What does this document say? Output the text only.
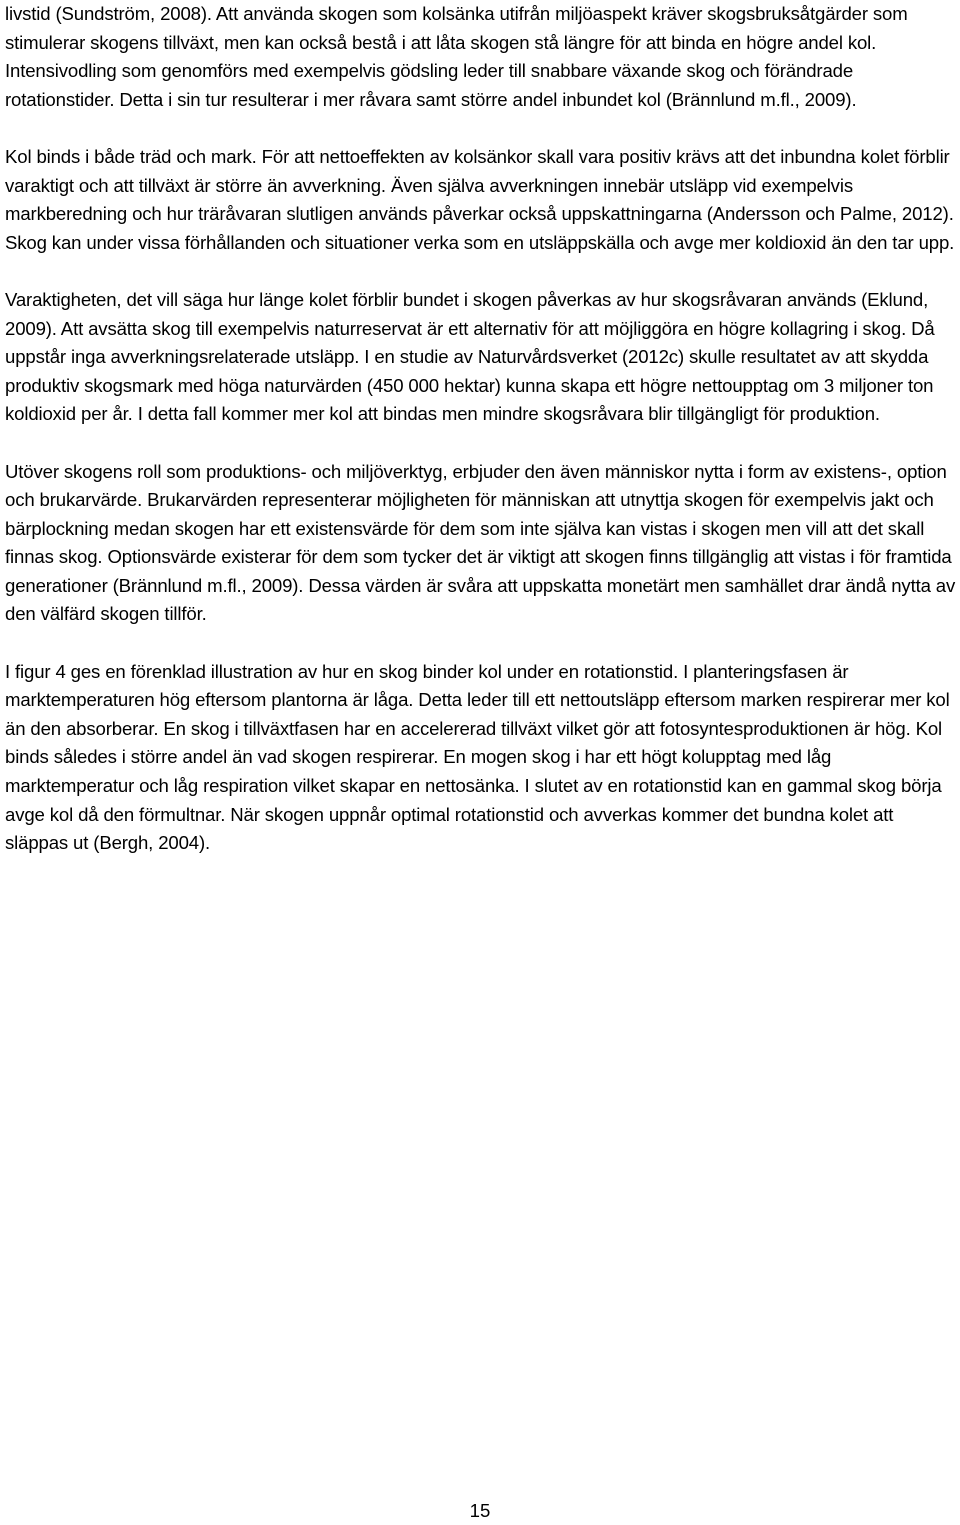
livstid (Sundström, 2008). Att använda skogen som kolsänka utifrån miljöaspekt kräver skogsbruksåtgärder som stimulerar skogens tillväxt, men kan också bestå i att låta skogen stå längre för att binda en högre andel kol. Intensivodling som genomförs med exempelvis gödsling leder till snabbare växande skog och förändrade rotationstider. Detta i sin tur resulterar i mer råvara samt större andel inbundet kol (Brännlund m.fl., 2009).

Kol binds i både träd och mark. För att nettoeffekten av kolsänkor skall vara positiv krävs att det inbundna kolet förblir varaktigt och att tillväxt är större än avverkning. Även själva avverkningen innebär utsläpp vid exempelvis markberedning och hur träråvaran slutligen används påverkar också uppskattningarna (Andersson och Palme, 2012). Skog kan under vissa förhållanden och situationer verka som en utsläppskälla och avge mer koldioxid än den tar upp.

Varaktigheten, det vill säga hur länge kolet förblir bundet i skogen påverkas av hur skogsråvaran används (Eklund, 2009). Att avsätta skog till exempelvis naturreservat är ett alternativ för att möjliggöra en högre kollagring i skog. Då uppstår inga avverkningsrelaterade utsläpp. I en studie av Naturvårdsverket (2012c) skulle resultatet av att skydda produktiv skogsmark med höga naturvärden (450 000 hektar) kunna skapa ett högre nettoupptag om 3 miljoner ton koldioxid per år. I detta fall kommer mer kol att bindas men mindre skogsråvara blir tillgängligt för produktion.

Utöver skogens roll som produktions- och miljöverktyg, erbjuder den även människor nytta i form av existens-, option och brukarvärde. Brukarvärden representerar möjligheten för människan att utnyttja skogen för exempelvis jakt och bärplockning medan skogen har ett existensvärde för dem som inte själva kan vistas i skogen men vill att det skall finnas skog. Optionsvärde existerar för dem som tycker det är viktigt att skogen finns tillgänglig att vistas i för framtida generationer (Brännlund m.fl., 2009). Dessa värden är svåra att uppskatta monetärt men samhället drar ändå nytta av den välfärd skogen tillför.

I figur 4 ges en förenklad illustration av hur en skog binder kol under en rotationstid. I planteringsfasen är marktemperaturen hög eftersom plantorna är låga. Detta leder till ett nettoutsläpp eftersom marken respirerar mer kol än den absorberar. En skog i tillväxtfasen har en accelererad tillväxt vilket gör att fotosyntesproduktionen är hög. Kol binds således i större andel än vad skogen respirerar. En mogen skog i har ett högt kolupptag med låg marktemperatur och låg respiration vilket skapar en nettosänka. I slutet av en rotationstid kan en gammal skog börja avge kol då den förmultnar. När skogen uppnår optimal rotationstid och avverkas kommer det bundna kolet att släppas ut (Bergh, 2004).

15
